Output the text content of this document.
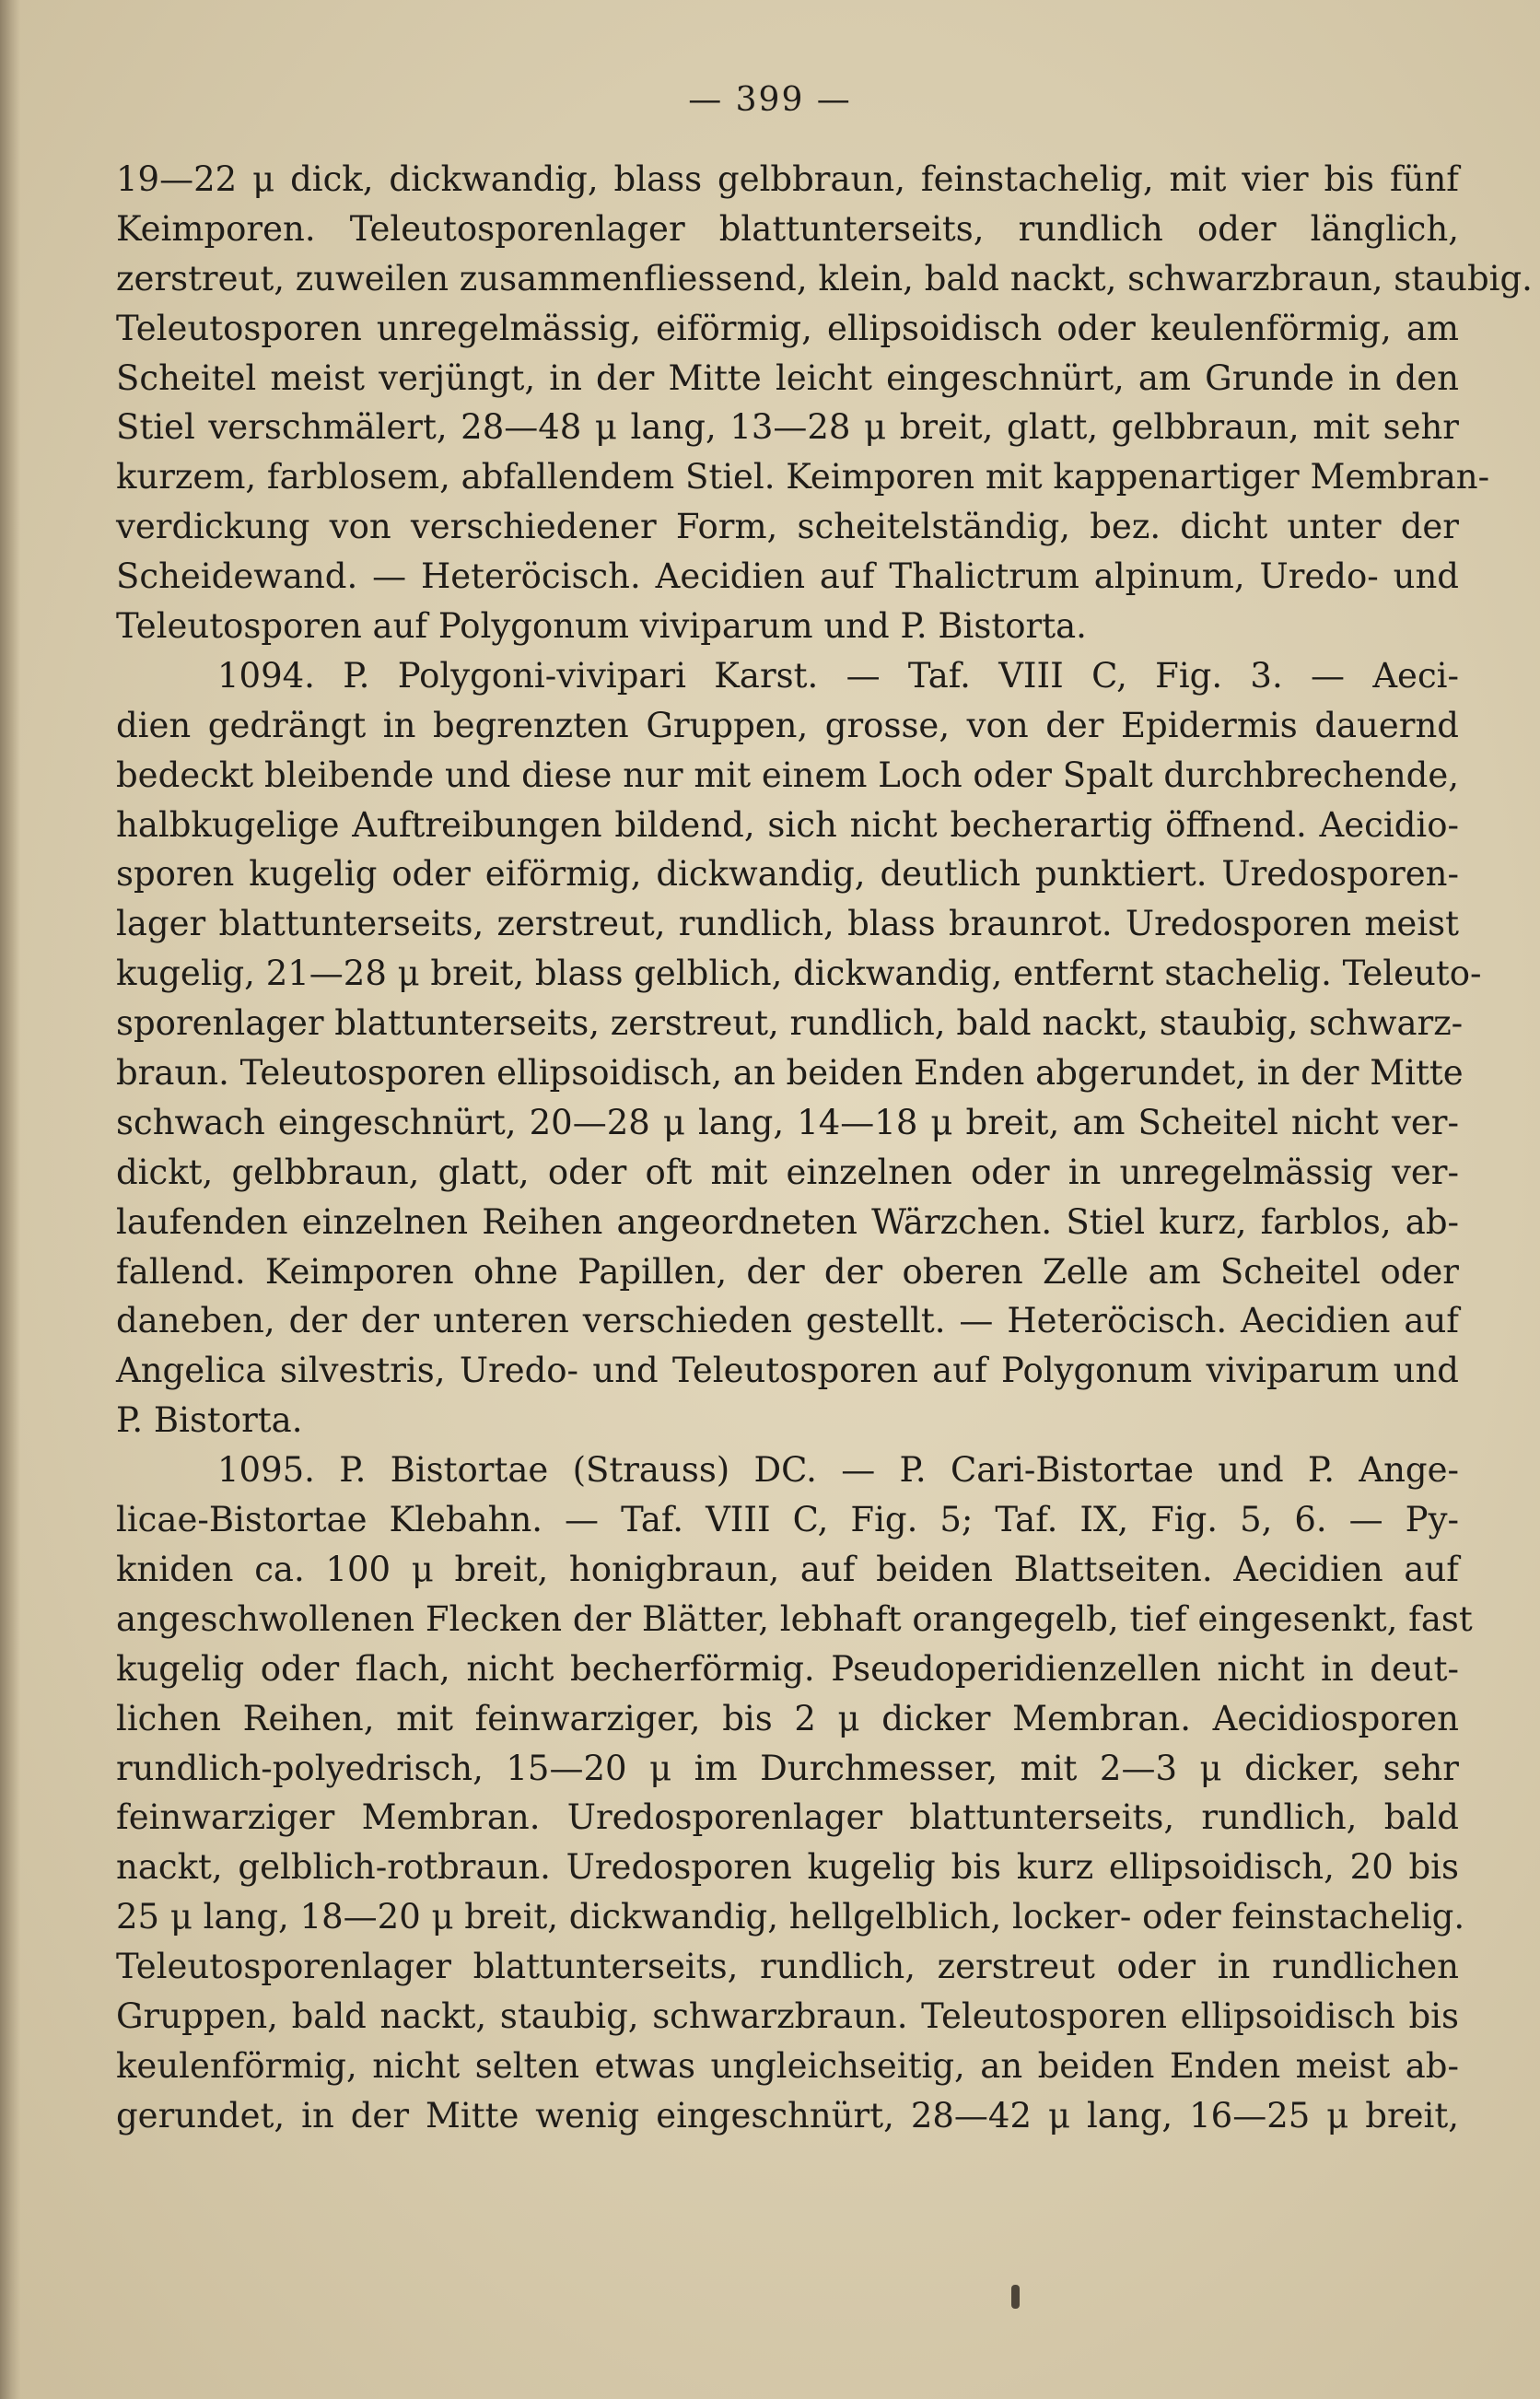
— 399 —
19—22 μ dick, dickwandig, blass gelbbraun, feinstachelig, mit vier bis fünf
Keimporen. Teleutosporenlager blattunterseits, rundlich oder länglich,
zerstreut, zuweilen zusammenfliessend, klein, bald nackt, schwarzbraun, staubig.
Teleutosporen unregelmässig, eiförmig, ellipsoidisch oder keulenförmig, am
Scheitel meist verjüngt, in der Mitte leicht eingeschnürt, am Grunde in den
Stiel verschmälert, 28—48 μ lang, 13—28 μ breit, glatt, gelbbraun, mit sehr
kurzem, farblosem, abfallendem Stiel. Keimporen mit kappenartiger Membran-
verdickung von verschiedener Form, scheitelständig, bez. dicht unter der
Scheidewand. — Heteröcisch. Aecidien auf Thalictrum alpinum, Uredo- und
Teleutosporen auf Polygonum viviparum und P. Bistorta.
1094. P. Polygoni-vivipari Karst. — Taf. VIII C, Fig. 3. — Aeci-
dien gedrängt in begrenzten Gruppen, grosse, von der Epidermis dauernd
bedeckt bleibende und diese nur mit einem Loch oder Spalt durchbrechende,
halbkugelige Auftreibungen bildend, sich nicht becherartig öffnend. Aecidio-
sporen kugelig oder eiförmig, dickwandig, deutlich punktiert. Uredosporen-
lager blattunterseits, zerstreut, rundlich, blass braunrot. Uredosporen meist
kugelig, 21—28 μ breit, blass gelblich, dickwandig, entfernt stachelig. Teleuto-
sporenlager blattunterseits, zerstreut, rundlich, bald nackt, staubig, schwarz-
braun. Teleutosporen ellipsoidisch, an beiden Enden abgerundet, in der Mitte
schwach eingeschnürt, 20—28 μ lang, 14—18 μ breit, am Scheitel nicht ver-
dickt, gelbbraun, glatt, oder oft mit einzelnen oder in unregelmässig ver-
laufenden einzelnen Reihen angeordneten Wärzchen. Stiel kurz, farblos, ab-
fallend. Keimporen ohne Papillen, der der oberen Zelle am Scheitel oder
daneben, der der unteren verschieden gestellt. — Heteröcisch. Aecidien auf
Angelica silvestris, Uredo- und Teleutosporen auf Polygonum viviparum und
P. Bistorta.
1095. P. Bistortae (Strauss) DC. — P. Cari-Bistortae und P. Ange-
licae-Bistortae Klebahn. — Taf. VIII C, Fig. 5; Taf. IX, Fig. 5, 6. — Py-
kniden ca. 100 μ breit, honigbraun, auf beiden Blattseiten. Aecidien auf
angeschwollenen Flecken der Blätter, lebhaft orangegelb, tief eingesenkt, fast
kugelig oder flach, nicht becherförmig. Pseudoperidienzellen nicht in deut-
lichen Reihen, mit feinwarziger, bis 2 μ dicker Membran. Aecidiosporen
rundlich-polyedrisch, 15—20 μ im Durchmesser, mit 2—3 μ dicker, sehr
feinwarziger Membran. Uredosporenlager blattunterseits, rundlich, bald
nackt, gelblich-rotbraun. Uredosporen kugelig bis kurz ellipsoidisch, 20 bis
25 μ lang, 18—20 μ breit, dickwandig, hellgelblich, locker- oder feinstachelig.
Teleutosporenlager blattunterseits, rundlich, zerstreut oder in rundlichen
Gruppen, bald nackt, staubig, schwarzbraun. Teleutosporen ellipsoidisch bis
keulenförmig, nicht selten etwas ungleichseitig, an beiden Enden meist ab-
gerundet, in der Mitte wenig eingeschnürt, 28—42 μ lang, 16—25 μ breit,
